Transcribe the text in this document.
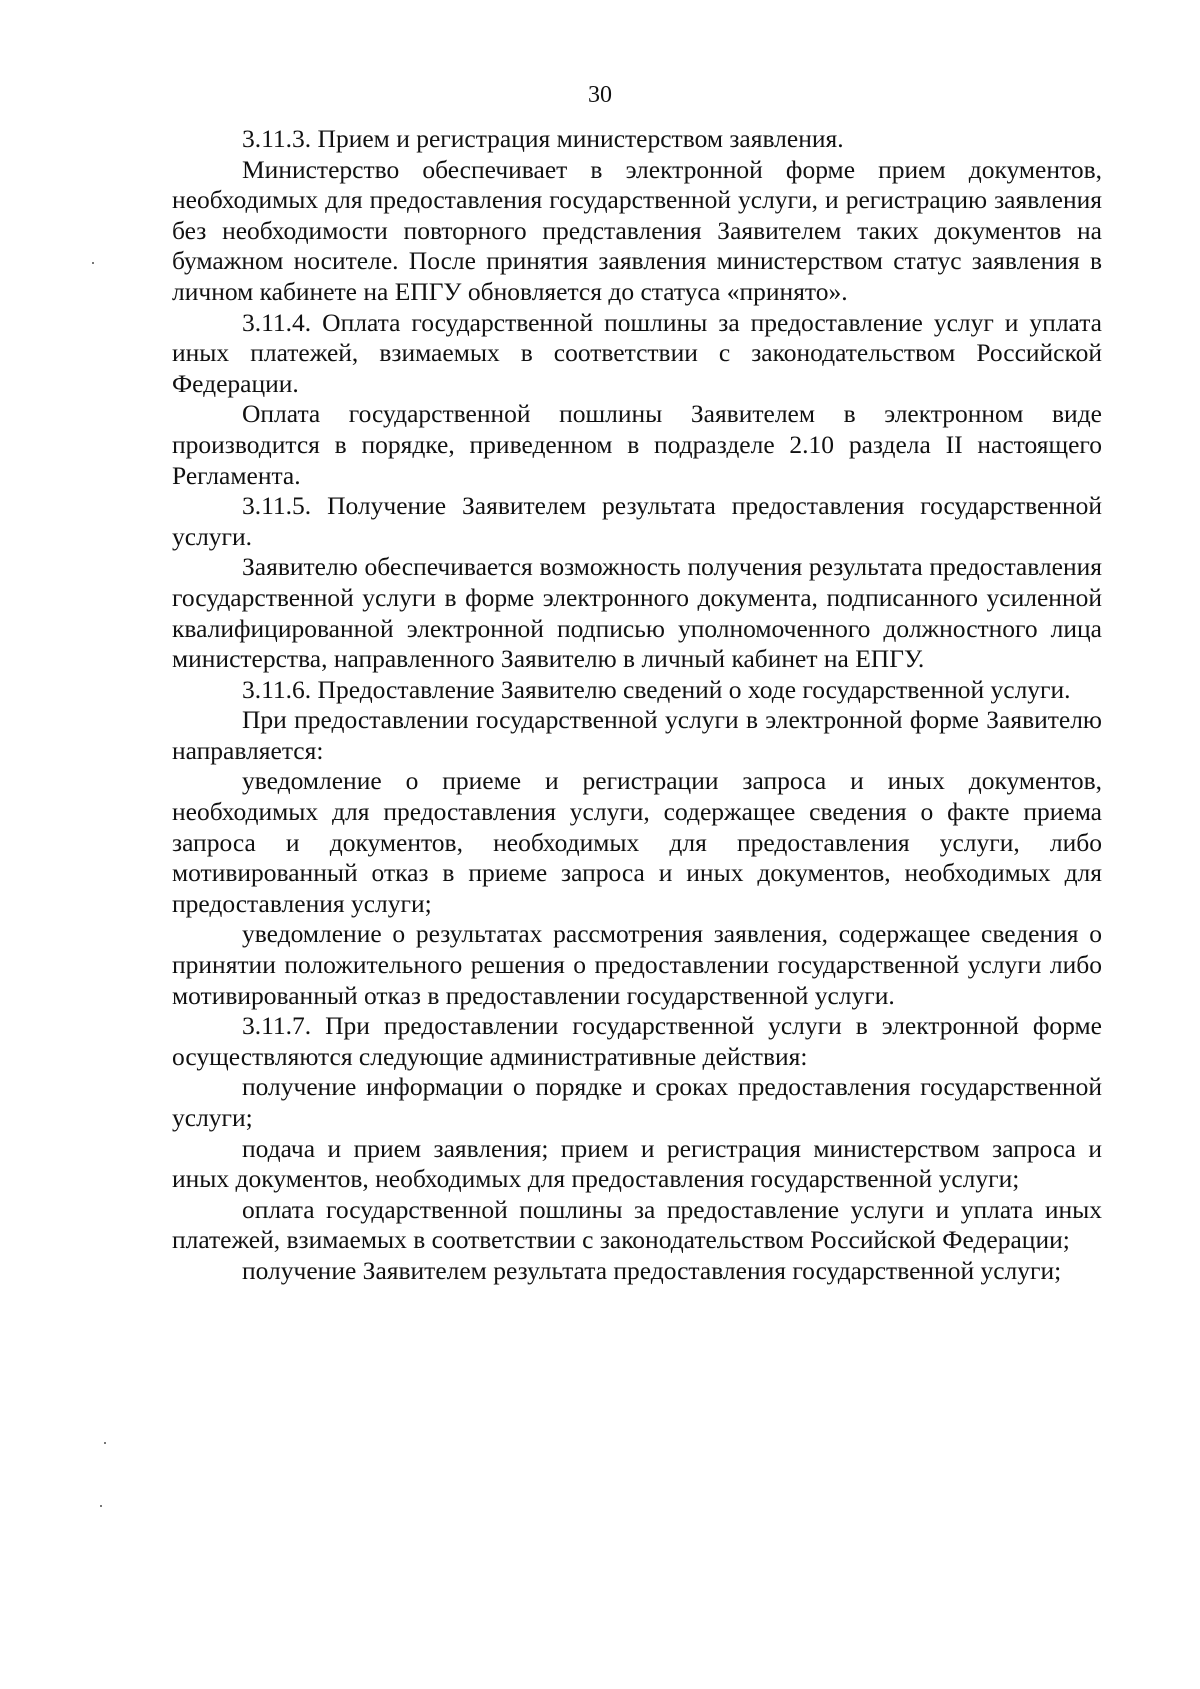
30

3.11.3. Прием и регистрация министерством заявления.

Министерство обеспечивает в электронной форме прием документов, необходимых для предоставления государственной услуги, и регистрацию заявления без необходимости повторного представления Заявителем таких документов на бумажном носителе. После принятия заявления министерством статус заявления в личном кабинете на ЕПГУ обновляется до статуса «принято».

3.11.4. Оплата государственной пошлины за предоставление услуг и уплата иных платежей, взимаемых в соответствии с законодательством Российской Федерации.

Оплата государственной пошлины Заявителем в электронном виде производится в порядке, приведенном в подразделе 2.10 раздела II настоящего Регламента.

3.11.5. Получение Заявителем результата предоставления государственной услуги.

Заявителю обеспечивается возможность получения результата предоставления государственной услуги в форме электронного документа, подписанного усиленной квалифицированной электронной подписью уполномоченного должностного лица министерства, направленного Заявителю в личный кабинет на ЕПГУ.

3.11.6. Предоставление Заявителю сведений о ходе государственной услуги.

При предоставлении государственной услуги в электронной форме Заявителю направляется:

уведомление о приеме и регистрации запроса и иных документов, необходимых для предоставления услуги, содержащее сведения о факте приема запроса и документов, необходимых для предоставления услуги, либо мотивированный отказ в приеме запроса и иных документов, необходимых для предоставления услуги;

уведомление о результатах рассмотрения заявления, содержащее сведения о принятии положительного решения о предоставлении государственной услуги либо мотивированный отказ в предоставлении государственной услуги.

3.11.7. При предоставлении государственной услуги в электронной форме осуществляются следующие административные действия:

получение информации о порядке и сроках предоставления государственной услуги;

подача и прием заявления; прием и регистрация министерством запроса и иных документов, необходимых для предоставления государственной услуги;

оплата государственной пошлины за предоставление услуги и уплата иных платежей, взимаемых в соответствии с законодательством Российской Федерации;

получение Заявителем результата предоставления государственной услуги;
